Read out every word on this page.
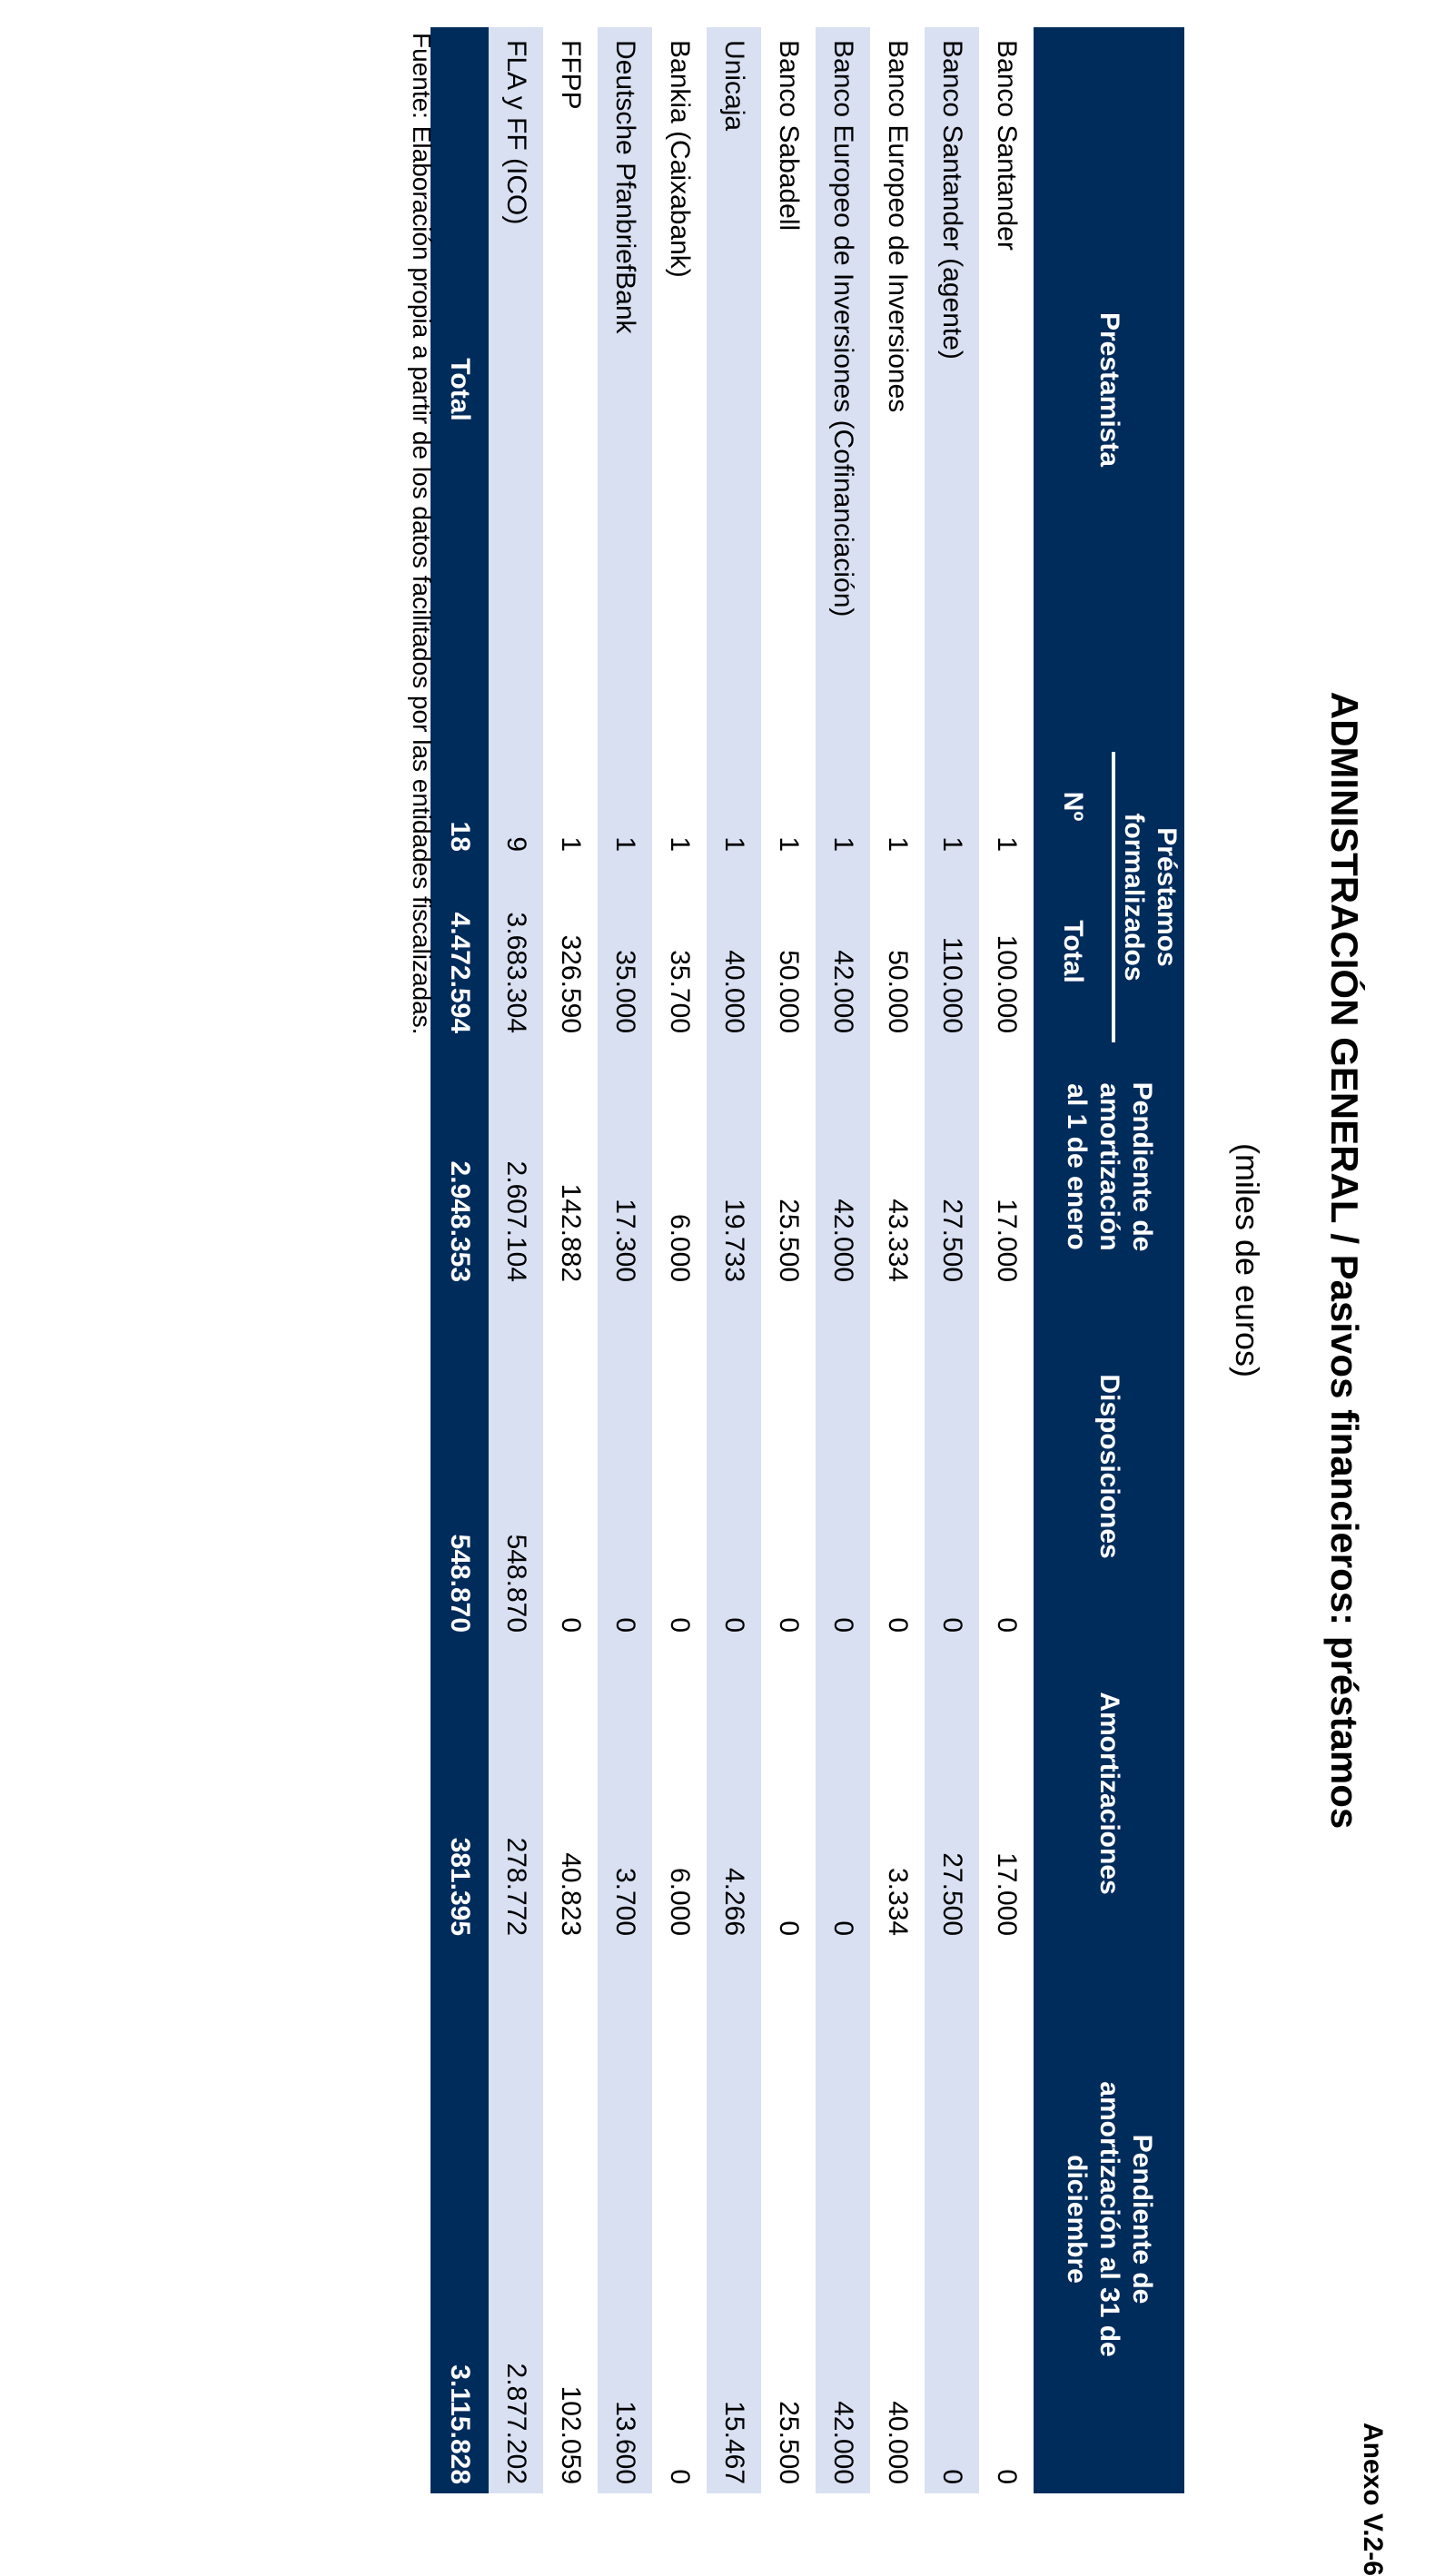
Anexo V.2-6
ADMINISTRACIÓN GENERAL / Pasivos financieros: préstamos
(miles de euros)
Prestamista	Préstamos formalizados		Pendiente de amortización al 1 de enero	Disposiciones	Amortizaciones	Pendiente de amortización al 31 de diciembre
	Nº	Total				
Banco Santander	1	100.000	17.000	0	17.000	0
Banco Santander (agente)	1	110.000	27.500	0	27.500	0
Banco Europeo de Inversiones	1	50.000	43.334	0	3.334	40.000
Banco Europeo de Inversiones (Cofinanciación)	1	42.000	42.000	0	0	42.000
Banco Sabadell	1	50.000	25.500	0	0	25.500
Unicaja	1	40.000	19.733	0	4.266	15.467
Bankia (Caixabank)	1	35.700	6.000	0	6.000	0
Deutsche PfanbriefBank	1	35.000	17.300	0	3.700	13.600
FFPP	1	326.590	142.882	0	40.823	102.059
FLA y FF (ICO)	9	3.683.304	2.607.104	548.870	278.772	2.877.202
Total	18	4.472.594	2.948.353	548.870	381.395	3.115.828
Fuente: Elaboración propia a partir de los datos facilitados por las entidades fiscalizadas.
